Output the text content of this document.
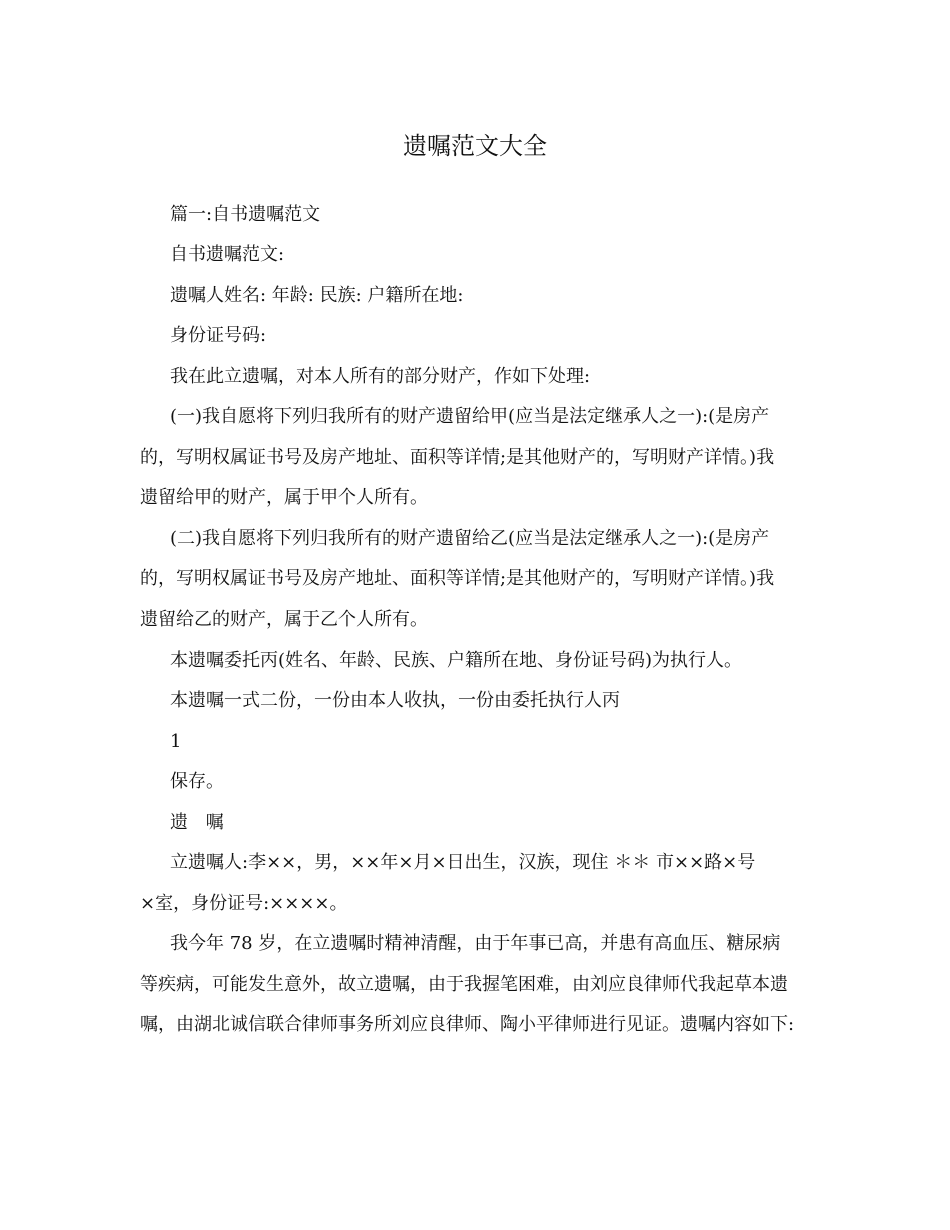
遗嘱范文大全
篇一:自书遗嘱范文
自书遗嘱范文:
遗嘱人姓名: 年龄: 民族: 户籍所在地:
身份证号码:
我在此立遗嘱，对本人所有的部分财产，作如下处理:
(一)我自愿将下列归我所有的财产遗留给甲(应当是法定继承人之一):(是房产
的，写明权属证书号及房产地址、面积等详情;是其他财产的，写明财产详情。)我
遗留给甲的财产，属于甲个人所有。
(二)我自愿将下列归我所有的财产遗留给乙(应当是法定继承人之一):(是房产
的，写明权属证书号及房产地址、面积等详情;是其他财产的，写明财产详情。)我
遗留给乙的财产，属于乙个人所有。
本遗嘱委托丙(姓名、年龄、民族、户籍所在地、身份证号码)为执行人。
本遗嘱一式二份，一份由本人收执，一份由委托执行人丙
1
保存。
遗 嘱
立遗嘱人:李××，男，××年×月×日出生，汉族，现住 ＊＊ 市××路×号
×室，身份证号:××××。
我今年 78 岁，在立遗嘱时精神清醒，由于年事已高，并患有高血压、糖尿病
等疾病，可能发生意外，故立遗嘱，由于我握笔困难，由刘应良律师代我起草本遗
嘱，由湖北诚信联合律师事务所刘应良律师、陶小平律师进行见证。遗嘱内容如下:
